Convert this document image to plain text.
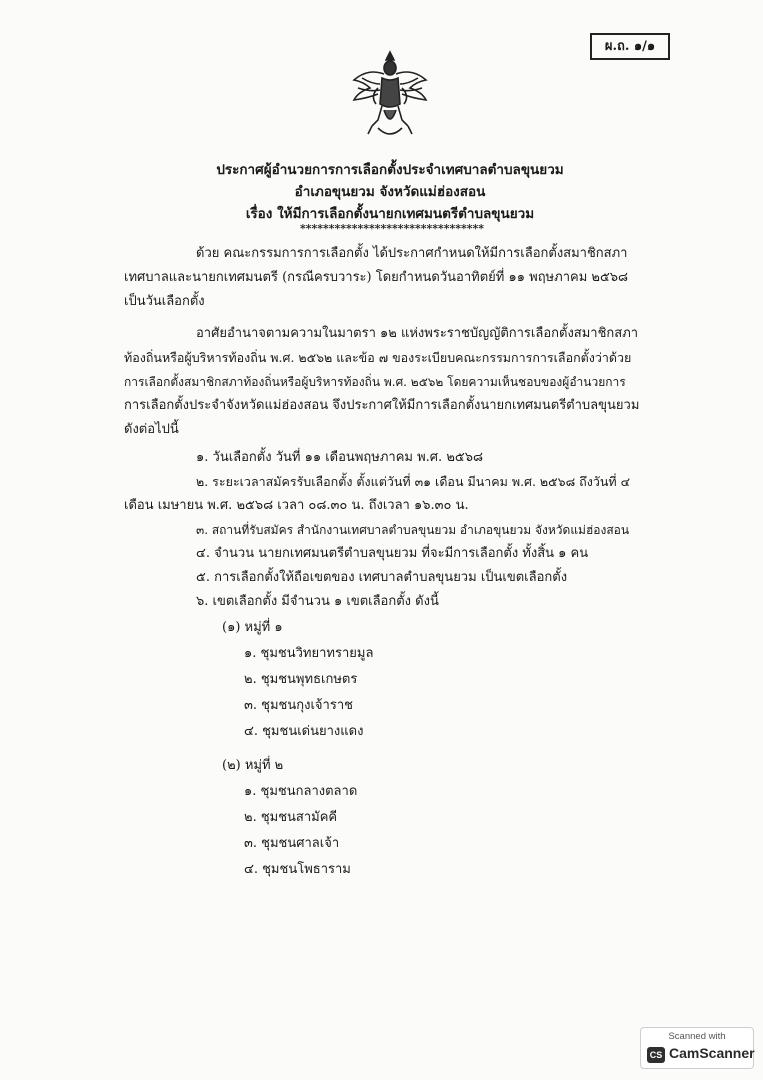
ผ.ถ. ๑/๑
ประกาศผู้อำนวยการการเลือกตั้งประจำเทศบาลตำบลขุนยวม
อำเภอขุนยวม จังหวัดแม่ฮ่องสอน
เรื่อง ให้มีการเลือกตั้งนายกเทศมนตรีตำบลขุนยวม
********************************
ด้วย คณะกรรมการการเลือกตั้ง ได้ประกาศกำหนดให้มีการเลือกตั้งสมาชิกสภา
เทศบาลและนายกเทศมนตรี (กรณีครบวาระ) โดยกำหนดวันอาทิตย์ที่ ๑๑ พฤษภาคม ๒๕๖๘
เป็นวันเลือกตั้ง
อาศัยอำนาจตามความในมาตรา ๑๒ แห่งพระราชบัญญัติการเลือกตั้งสมาชิกสภา
ท้องถิ่นหรือผู้บริหารท้องถิ่น พ.ศ. ๒๕๖๒ และข้อ ๗ ของระเบียบคณะกรรมการการเลือกตั้งว่าด้วย
การเลือกตั้งสมาชิกสภาท้องถิ่นหรือผู้บริหารท้องถิ่น พ.ศ. ๒๕๖๒ โดยความเห็นชอบของผู้อำนวยการ
การเลือกตั้งประจำจังหวัดแม่ฮ่องสอน จึงประกาศให้มีการเลือกตั้งนายกเทศมนตรีตำบลขุนยวม
ดังต่อไปนี้
๑. วันเลือกตั้ง วันที่ ๑๑ เดือนพฤษภาคม พ.ศ. ๒๕๖๘
๒. ระยะเวลาสมัครรับเลือกตั้ง ตั้งแต่วันที่ ๓๑ เดือน มีนาคม พ.ศ. ๒๕๖๘ ถึงวันที่ ๔
เดือน เมษายน พ.ศ. ๒๕๖๘ เวลา ๐๘.๓๐ น. ถึงเวลา ๑๖.๓๐ น.
๓. สถานที่รับสมัคร สำนักงานเทศบาลตำบลขุนยวม อำเภอขุนยวม จังหวัดแม่ฮ่องสอน
๔. จำนวน นายกเทศมนตรีตำบลขุนยวม ที่จะมีการเลือกตั้ง ทั้งสิ้น ๑ คน
๕. การเลือกตั้งให้ถือเขตของ เทศบาลตำบลขุนยวม เป็นเขตเลือกตั้ง
๖. เขตเลือกตั้ง มีจำนวน ๑ เขตเลือกตั้ง ดังนี้
(๑) หมู่ที่ ๑
๑. ชุมชนวิทยาทรายมูล
๒. ชุมชนพุทธเกษตร
๓. ชุมชนกุงเจ้าราช
๔. ชุมชนเด่นยางแดง
(๒) หมู่ที่ ๒
๑. ชุมชนกลางตลาด
๒. ชุมชนสามัคคี
๓. ชุมชนศาลเจ้า
๔. ชุมชนโพธาราม
Scanned with
CS CamScanner
